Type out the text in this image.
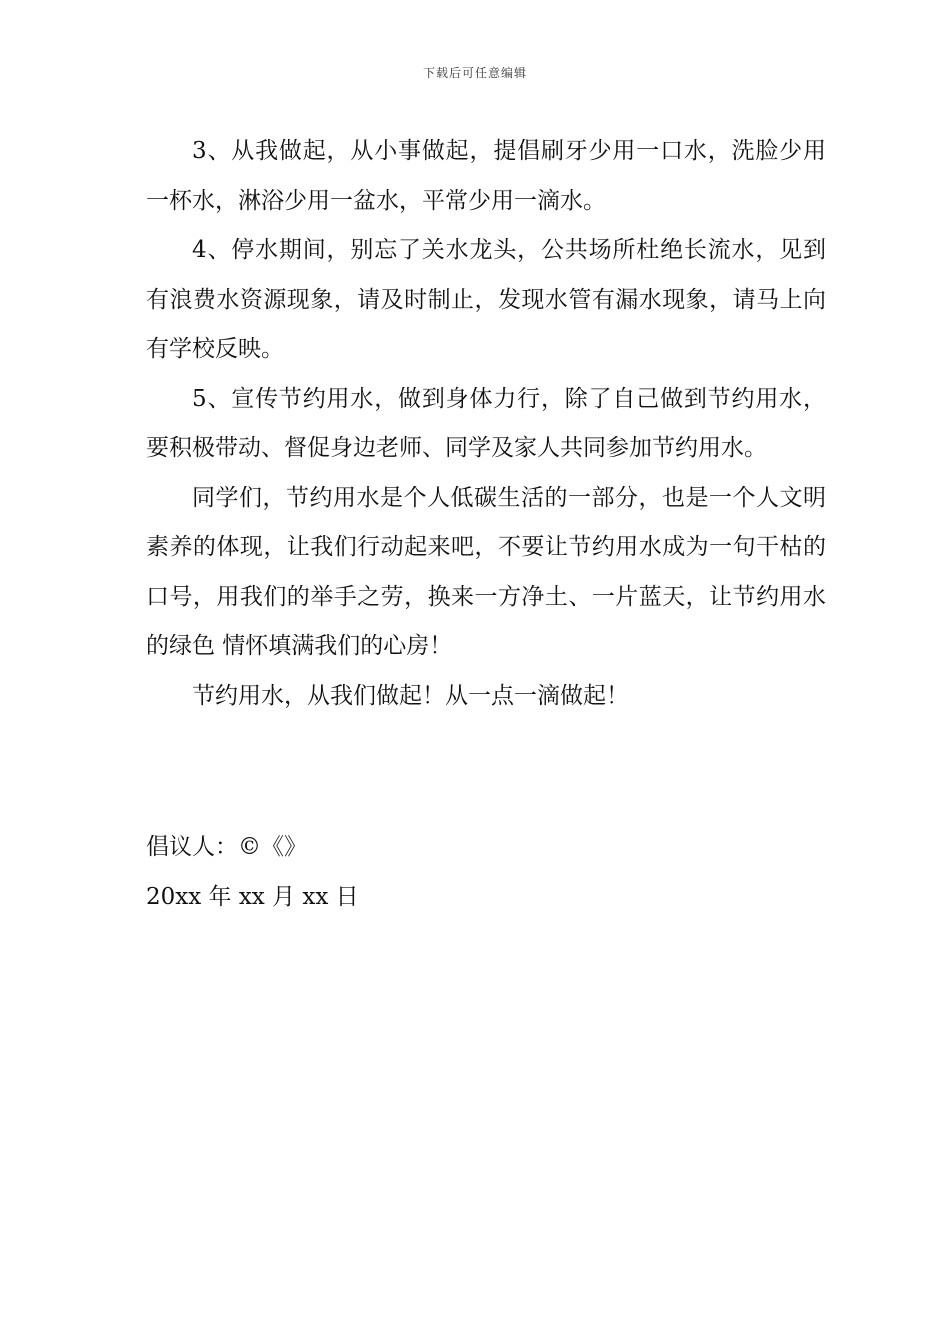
下载后可任意编辑

3、从我做起，从小事做起，提倡刷牙少用一口水，洗脸少用一杯水，淋浴少用一盆水，平常少用一滴水。

4、停水期间，别忘了关水龙头，公共场所杜绝长流水，见到有浪费水资源现象，请及时制止，发现水管有漏水现象，请马上向有学校反映。

5、宣传节约用水，做到身体力行，除了自己做到节约用水，要积极带动、督促身边老师、同学及家人共同参加节约用水。

同学们，节约用水是个人低碳生活的一部分，也是一个人文明素养的体现，让我们行动起来吧，不要让节约用水成为一句干枯的口号，用我们的举手之劳，换来一方净土、一片蓝天，让节约用水的绿色 情怀填满我们的心房！

节约用水，从我们做起！从一点一滴做起！

倡议人：©《》
20xx 年 xx 月 xx 日
